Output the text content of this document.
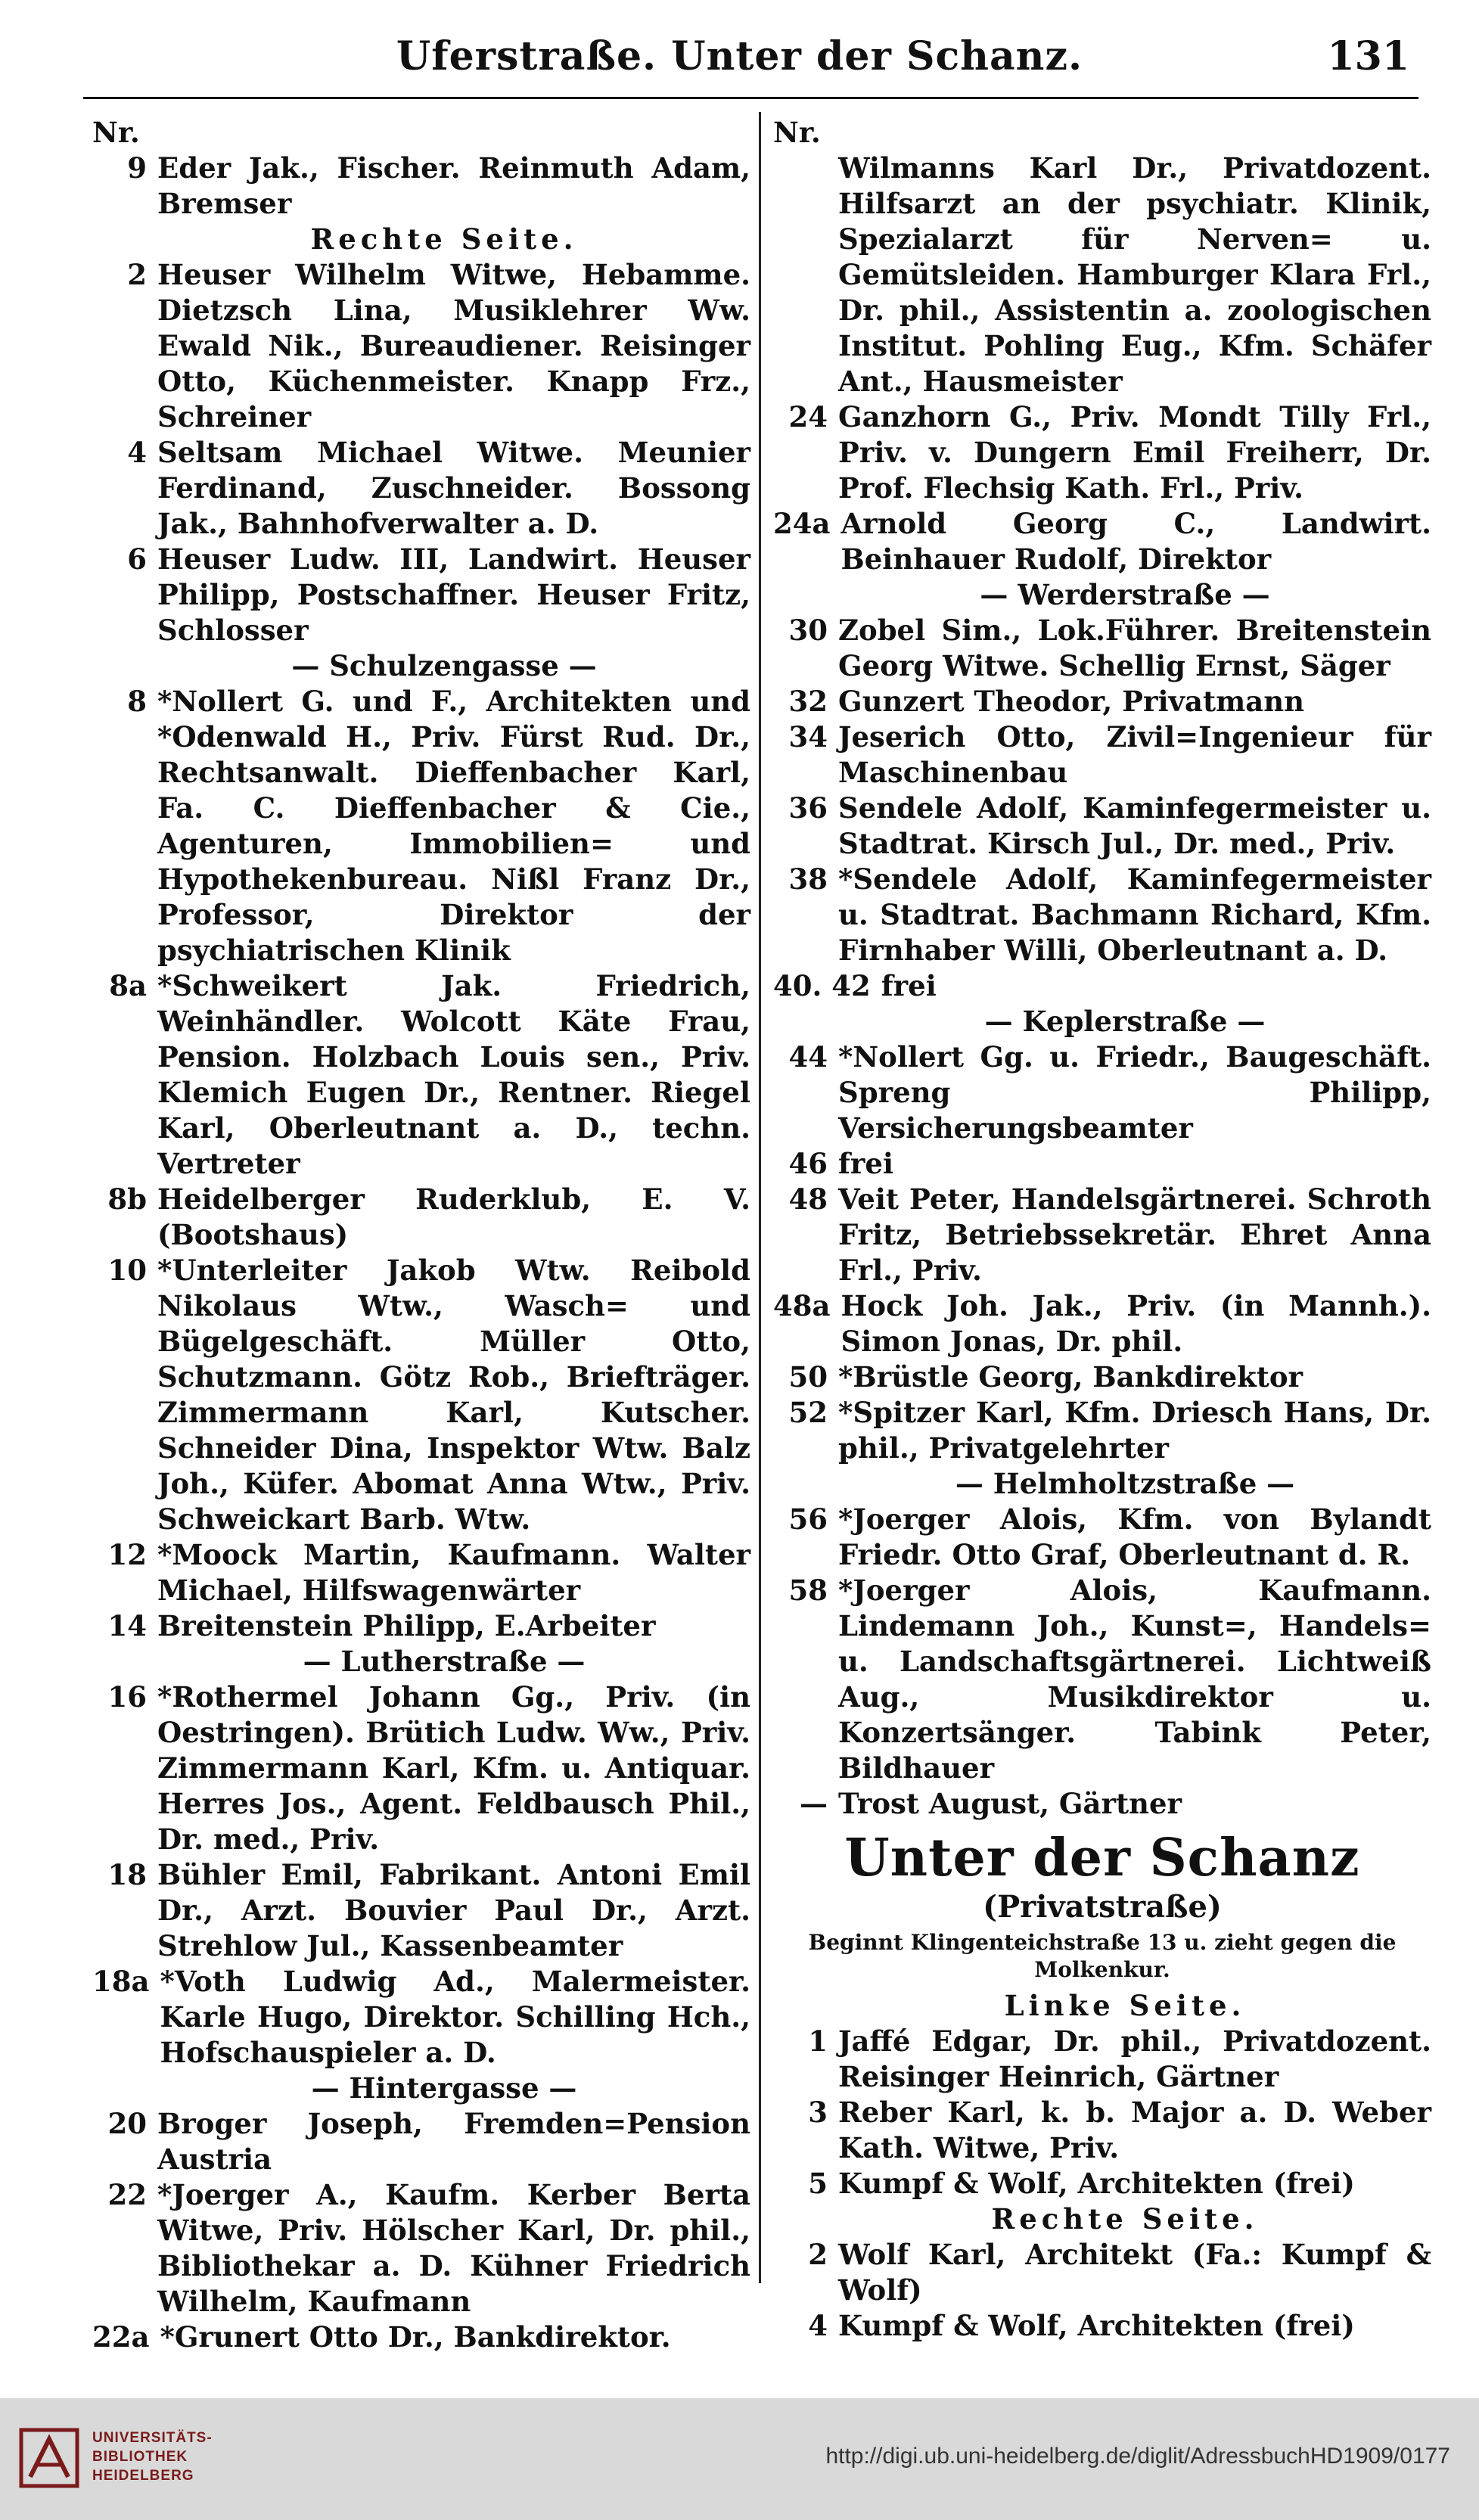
Uferstraße. Unter der Schanz.	131
Nr.
9 Eder Jak., Fischer. Reinmuth Adam, Bremser
Rechte Seite.
2 Heuser Wilhelm Witwe, Hebamme. Dietzsch Lina, Musiklehrer Ww. Ewald Nik., Bureaudiener. Reisinger Otto, Küchenmeister. Knapp Frz., Schreiner
4 Seltsam Michael Witwe. Meunier Ferdinand, Zuschneider. Bossong Jak., Bahnhofverwalter a. D.
6 Heuser Ludw. III, Landwirt. Heuser Philipp, Postschaffner. Heuser Fritz, Schlosser
— Schulzengasse —
8 *Nollert G. und F., Architekten und *Odenwald H., Priv. Fürst Rud. Dr., Rechtsanwalt. Dieffenbacher Karl, Fa. C. Dieffenbacher & Cie., Agenturen, Immobilien= und Hypothekenbureau. Nißl Franz Dr., Professor, Direktor der psychiatrischen Klinik
8a *Schweikert Jak. Friedrich, Weinhändler. Wolcott Käte Frau, Pension. Holzbach Louis sen., Priv. Klemich Eugen Dr., Rentner. Riegel Karl, Oberleutnant a. D., techn. Vertreter
8b Heidelberger Ruderklub, E. V. (Bootshaus)
10 *Unterleiter Jakob Wtw. Reibold Nikolaus Wtw., Wasch= und Bügelgeschäft. Müller Otto, Schutzmann. Götz Rob., Briefträger. Zimmermann Karl, Kutscher. Schneider Dina, Inspektor Wtw. Balz Joh., Küfer. Abomat Anna Wtw., Priv. Schweickart Barb. Wtw.
12 *Moock Martin, Kaufmann. Walter Michael, Hilfswagenwärter
14 Breitenstein Philipp, E.Arbeiter
— Lutherstraße —
16 *Rothermel Johann Gg., Priv. (in Oestringen). Brütich Ludw. Ww., Priv. Zimmermann Karl, Kfm. u. Antiquar. Herres Jos., Agent. Feldbausch Phil., Dr. med., Priv.
18 Bühler Emil, Fabrikant. Antoni Emil Dr., Arzt. Bouvier Paul Dr., Arzt. Strehlow Jul., Kassenbeamter
18a *Voth Ludwig Ad., Malermeister. Karle Hugo, Direktor. Schilling Hch., Hofschauspieler a. D.
— Hintergasse —
20 Broger Joseph, Fremden=Pension Austria
22 *Joerger A., Kaufm. Kerber Berta Witwe, Priv. Hölscher Karl, Dr. phil., Bibliothekar a. D. Kühner Friedrich Wilhelm, Kaufmann
22a *Grunert Otto Dr., Bankdirektor.
Nr.
Wilmanns Karl Dr., Privatdozent. Hilfsarzt an der psychiatr. Klinik, Spezialarzt für Nerven= u. Gemütsleiden. Hamburger Klara Frl., Dr. phil., Assistentin a. zoologischen Institut. Pohling Eug., Kfm. Schäfer Ant., Hausmeister
24 Ganzhorn G., Priv. Mondt Tilly Frl., Priv. v. Dungern Emil Freiherr, Dr. Prof. Flechsig Kath. Frl., Priv.
24a Arnold Georg C., Landwirt. Beinhauer Rudolf, Direktor
— Werderstraße —
30 Zobel Sim., Lok.Führer. Breitenstein Georg Witwe. Schellig Ernst, Säger
32 Gunzert Theodor, Privatmann
34 Jeserich Otto, Zivil=Ingenieur für Maschinenbau
36 Sendele Adolf, Kaminfegermeister u. Stadtrat. Kirsch Jul., Dr. med., Priv.
38 *Sendele Adolf, Kaminfegermeister u. Stadtrat. Bachmann Richard, Kfm. Firnhaber Willi, Oberleutnant a. D.
40. 42 frei
— Keplerstraße —
44 *Nollert Gg. u. Friedr., Baugeschäft. Spreng Philipp, Versicherungsbeamter
46 frei
48 Veit Peter, Handelsgärtnerei. Schroth Fritz, Betriebssekretär. Ehret Anna Frl., Priv.
48a Hock Joh. Jak., Priv. (in Mannh.). Simon Jonas, Dr. phil.
50 *Brüstle Georg, Bankdirektor
52 *Spitzer Karl, Kfm. Driesch Hans, Dr. phil., Privatgelehrter
— Helmholtzstraße —
56 *Joerger Alois, Kfm. von Bylandt Friedr. Otto Graf, Oberleutnant d. R.
58 *Joerger Alois, Kaufmann. Lindemann Joh., Kunst=, Handels= u. Landschaftsgärtnerei. Lichtweiß Aug., Musikdirektor u. Konzertsänger. Tabink Peter, Bildhauer
— Trost August, Gärtner
Unter der Schanz
(Privatstraße)
Beginnt Klingenteichstraße 13 u. zieht gegen die Molkenkur.
Linke Seite.
1 Jaffé Edgar, Dr. phil., Privatdozent. Reisinger Heinrich, Gärtner
3 Reber Karl, k. b. Major a. D. Weber Kath. Witwe, Priv.
5 Kumpf & Wolf, Architekten (frei)
Rechte Seite.
2 Wolf Karl, Architekt (Fa.: Kumpf & Wolf)
4 Kumpf & Wolf, Architekten (frei)
UNIVERSITÄTS-
BIBLIOTHEK
HEIDELBERG
http://digi.ub.uni-heidelberg.de/diglit/AdressbuchHD1909/0177
